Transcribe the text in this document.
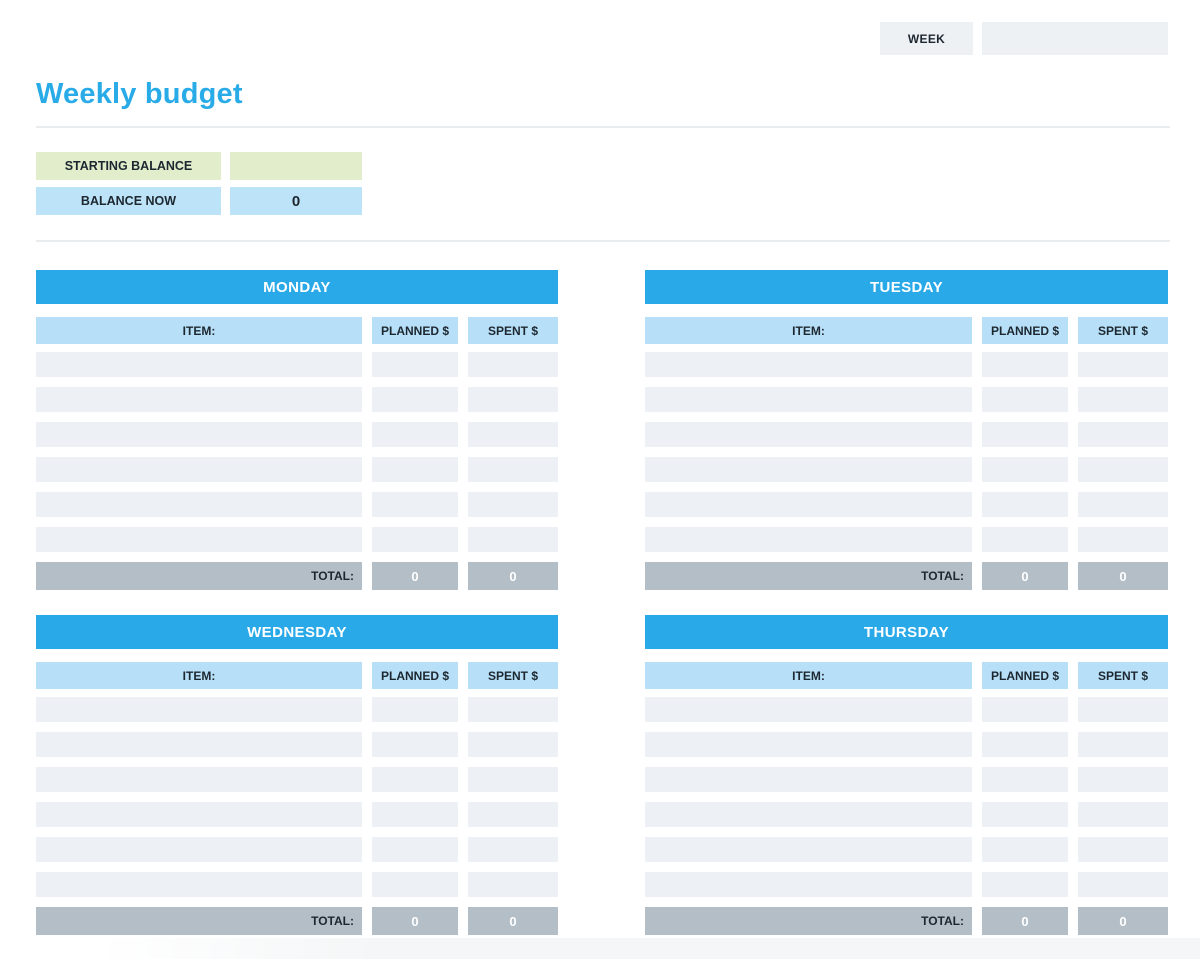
WEEK
Weekly budget
STARTING BALANCE
BALANCE NOW	0
MONDAY
ITEM:	PLANNED $	SPENT $
TOTAL:	0	0
TUESDAY
ITEM:	PLANNED $	SPENT $
TOTAL:	0	0
WEDNESDAY
ITEM:	PLANNED $	SPENT $
TOTAL:	0	0
THURSDAY
ITEM:	PLANNED $	SPENT $
TOTAL:	0	0
